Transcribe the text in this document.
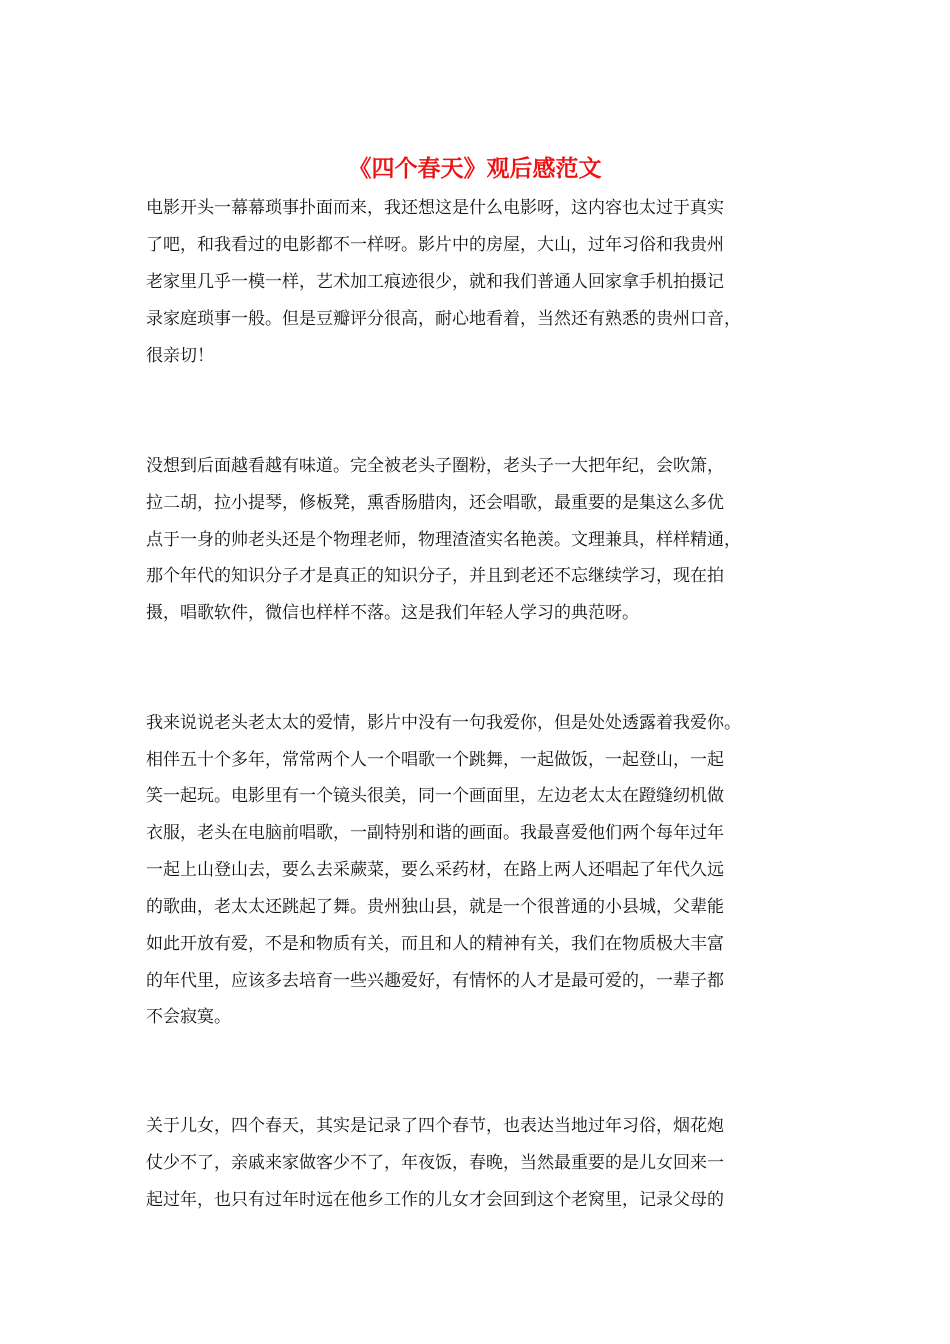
《四个春天》观后感范文

电影开头一幕幕琐事扑面而来，我还想这是什么电影呀，这内容也太过于真实

了吧，和我看过的电影都不一样呀。影片中的房屋，大山，过年习俗和我贵州

老家里几乎一模一样，艺术加工痕迹很少，就和我们普通人回家拿手机拍摄记

录家庭琐事一般。但是豆瓣评分很高，耐心地看着，当然还有熟悉的贵州口音，

很亲切！

没想到后面越看越有味道。完全被老头子圈粉，老头子一大把年纪，会吹箫，

拉二胡，拉小提琴，修板凳，熏香肠腊肉，还会唱歌，最重要的是集这么多优

点于一身的帅老头还是个物理老师，物理渣渣实名艳羡。文理兼具，样样精通，

那个年代的知识分子才是真正的知识分子，并且到老还不忘继续学习，现在拍

摄，唱歌软件，微信也样样不落。这是我们年轻人学习的典范呀。

我来说说老头老太太的爱情，影片中没有一句我爱你，但是处处透露着我爱你。

相伴五十个多年，常常两个人一个唱歌一个跳舞，一起做饭，一起登山，一起

笑一起玩。电影里有一个镜头很美，同一个画面里，左边老太太在蹬缝纫机做

衣服，老头在电脑前唱歌，一副特别和谐的画面。我最喜爱他们两个每年过年

一起上山登山去，要么去采蕨菜，要么采药材，在路上两人还唱起了年代久远

的歌曲，老太太还跳起了舞。贵州独山县，就是一个很普通的小县城，父辈能

如此开放有爱，不是和物质有关，而且和人的精神有关，我们在物质极大丰富

的年代里，应该多去培育一些兴趣爱好，有情怀的人才是最可爱的，一辈子都

不会寂寞。

关于儿女，四个春天，其实是记录了四个春节，也表达当地过年习俗，烟花炮

仗少不了，亲戚来家做客少不了，年夜饭，春晚，当然最重要的是儿女回来一

起过年，也只有过年时远在他乡工作的儿女才会回到这个老窝里，记录父母的
